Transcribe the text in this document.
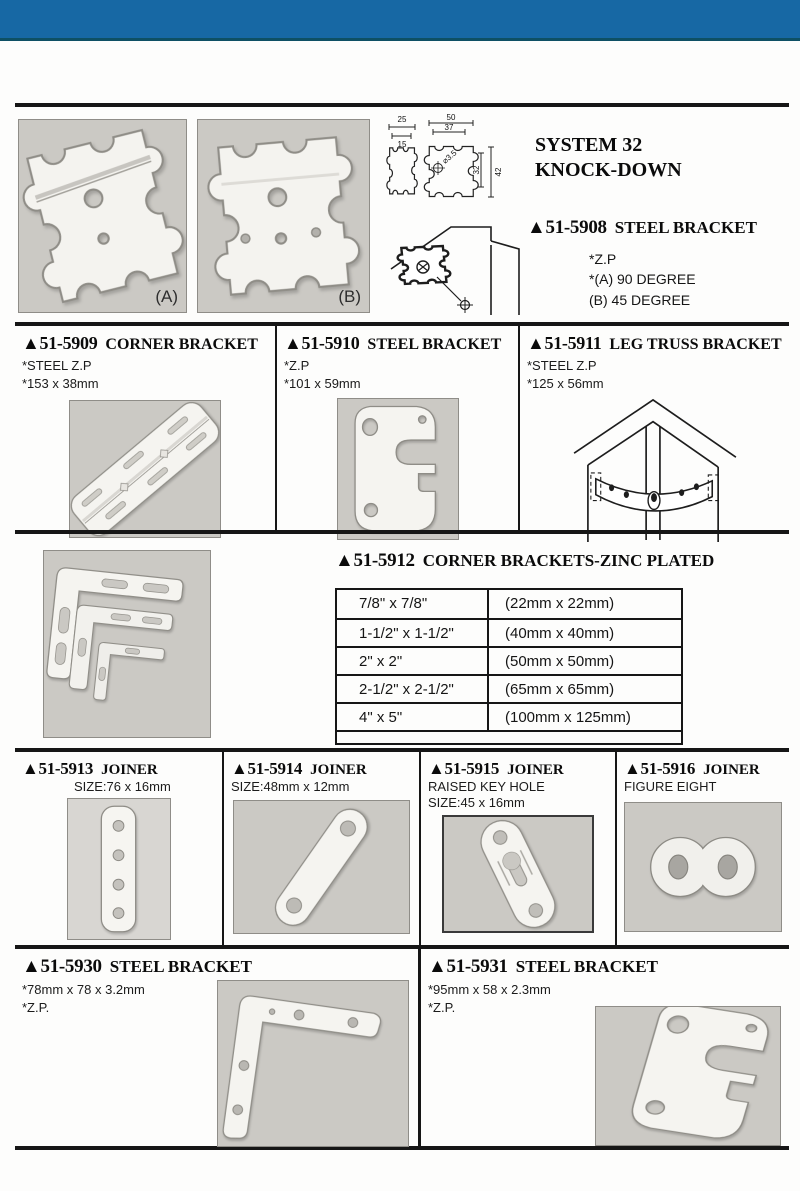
(A)	(B)
25
15
50
37
32 42
⌀3.5
SYSTEM 32
KNOCK-DOWN
▲51-5908 STEEL BRACKET
*Z.P
*(A) 90 DEGREE
(B) 45 DEGREE
▲51-5909 CORNER BRACKET
*STEEL Z.P
*153 x 38mm
▲51-5910 STEEL BRACKET
*Z.P
*101 x 59mm
▲51-5911 LEG TRUSS BRACKET
*STEEL Z.P
*125 x 56mm
▲51-5912 CORNER BRACKETS-ZINC PLATED
7/8" x 7/8"	(22mm x 22mm)
1-1/2" x 1-1/2"	(40mm x 40mm)
2" x 2"	(50mm x 50mm)
2-1/2" x 2-1/2"	(65mm x 65mm)
4" x 5"	(100mm x 125mm)
▲51-5913 JOINER
SIZE:76 x 16mm
▲51-5914 JOINER
SIZE:48mm x 12mm
▲51-5915 JOINER
RAISED KEY HOLE
SIZE:45 x 16mm
▲51-5916 JOINER
FIGURE EIGHT
▲51-5930 STEEL BRACKET
*78mm x 78 x 3.2mm
*Z.P.
▲51-5931 STEEL BRACKET
*95mm x 58 x 2.3mm
*Z.P.
